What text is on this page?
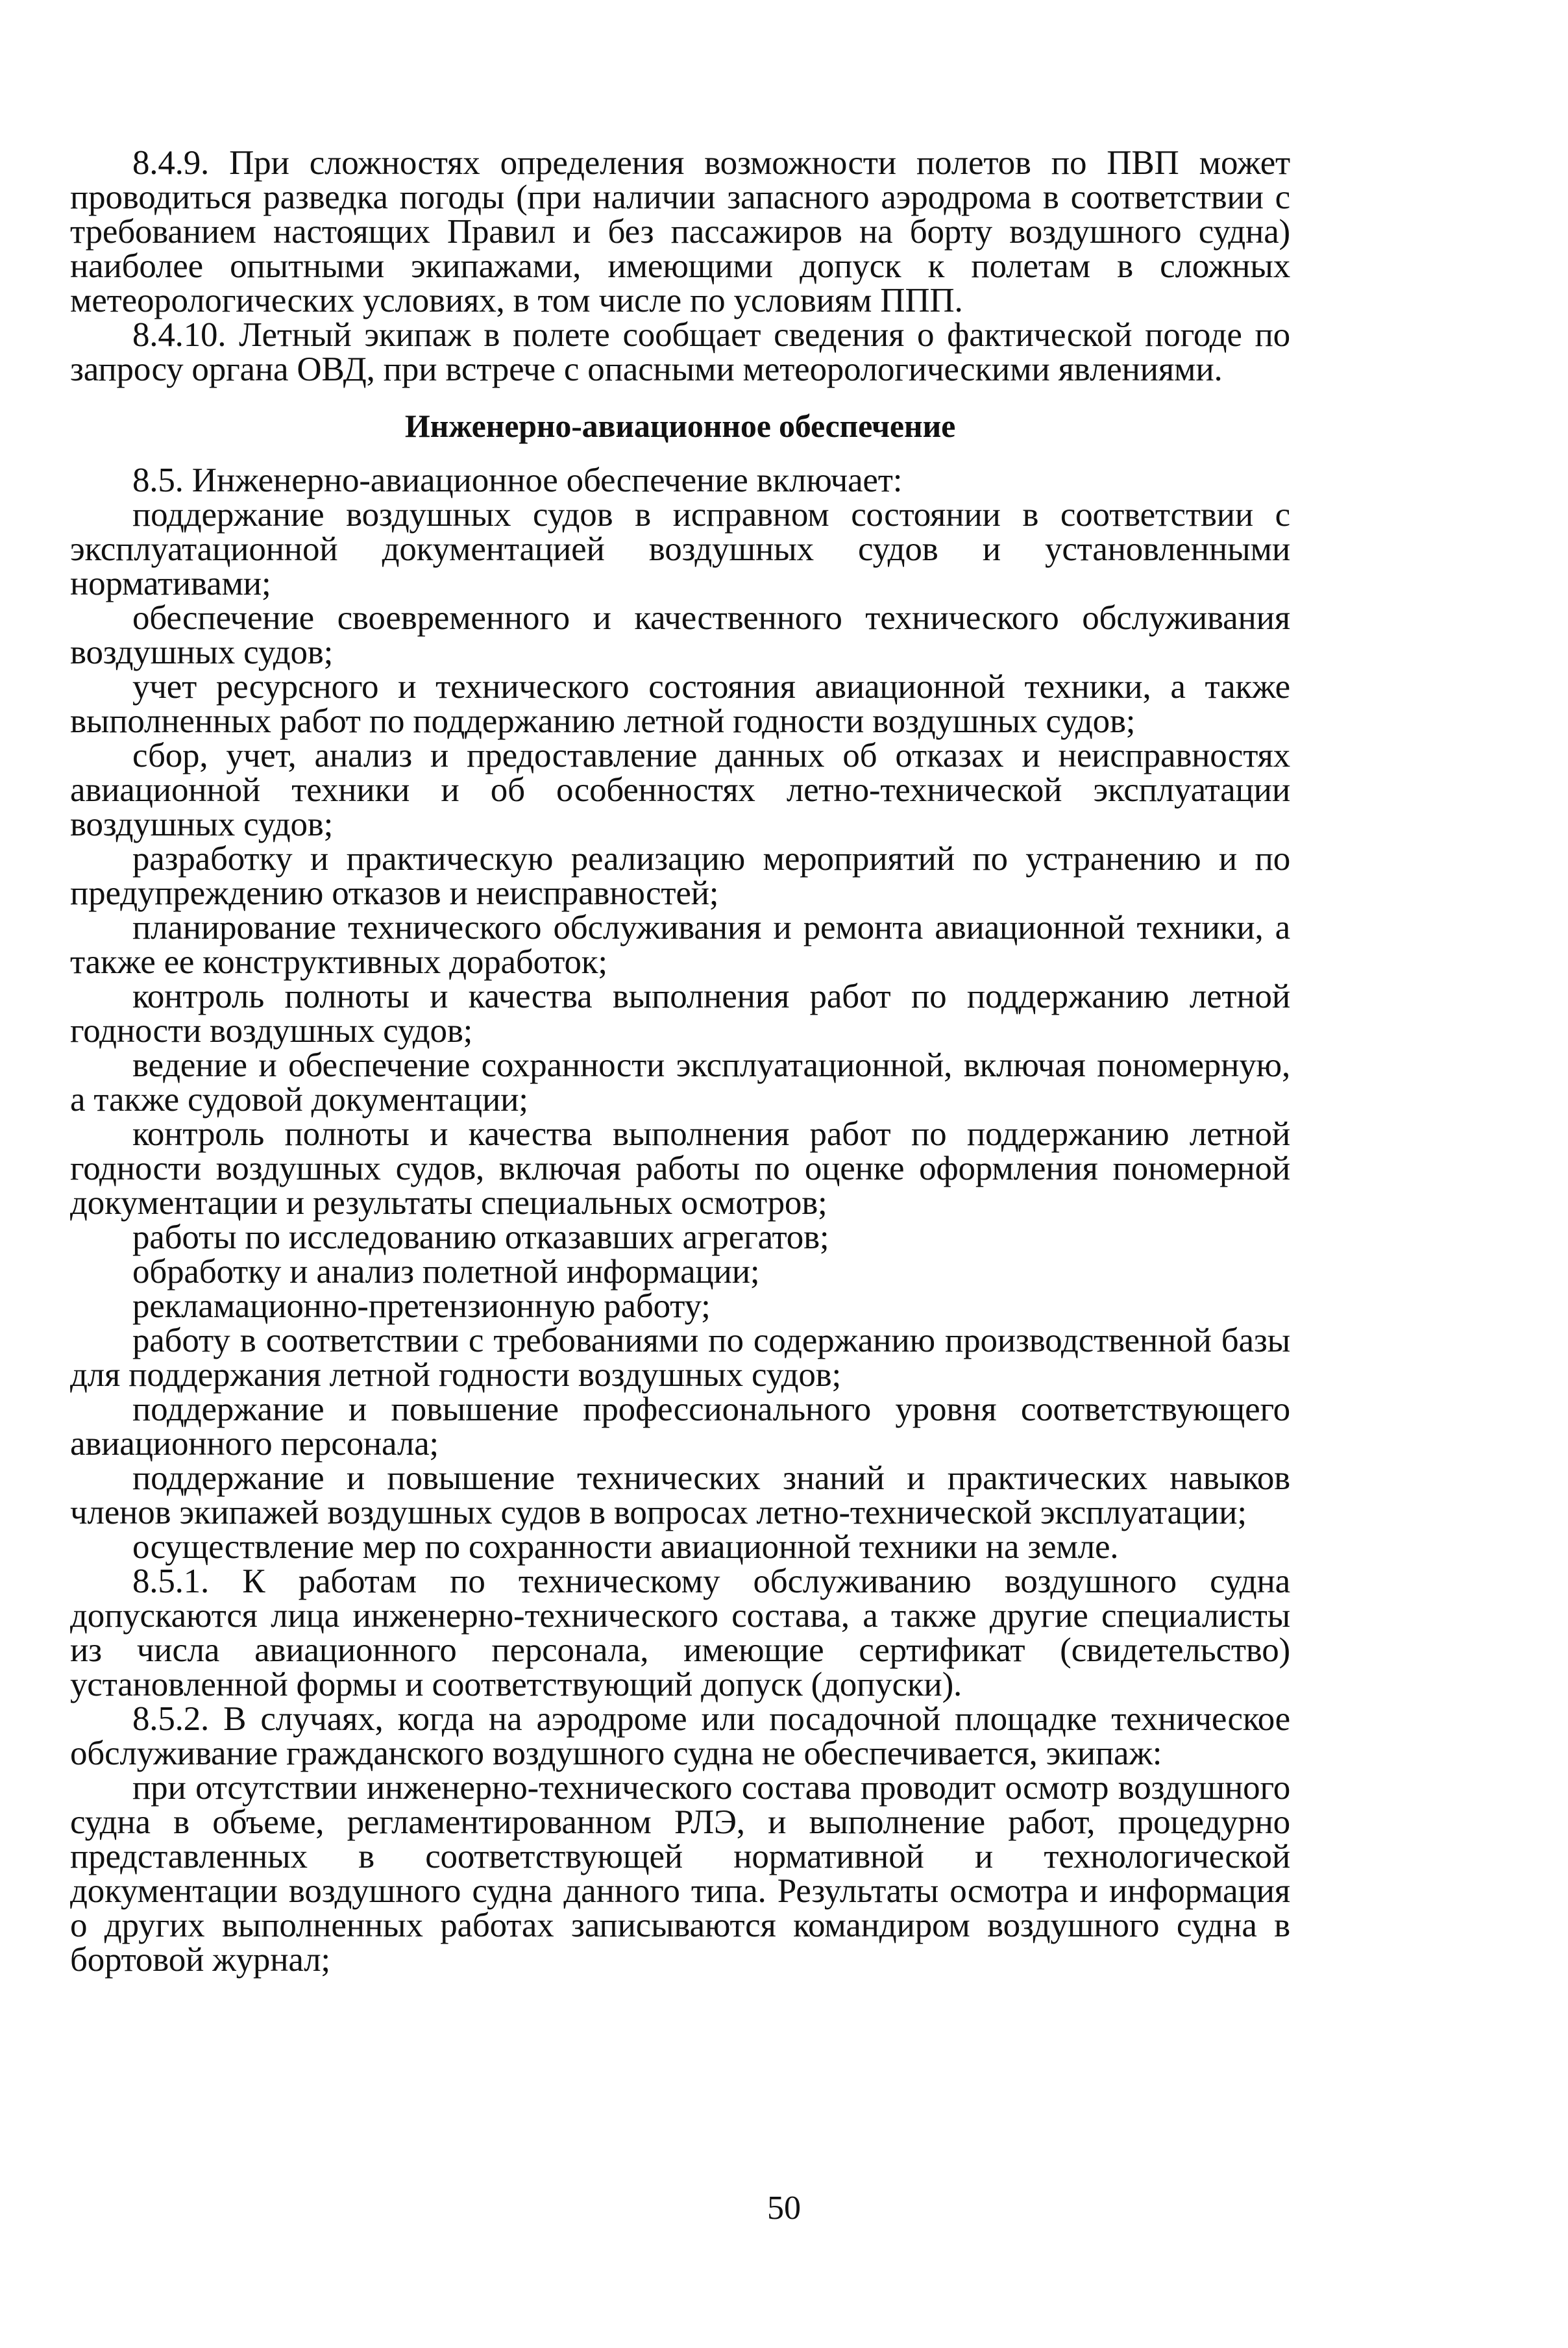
8.4.9. При сложностях определения возможности полетов по ПВП может проводиться разведка погоды (при наличии запасного аэродрома в соответствии с требованием настоящих Правил и без пассажиров на борту воздушного судна) наиболее опытными экипажами, имеющими допуск к полетам в сложных метеорологических условиях, в том числе по условиям ППП.

8.4.10. Летный экипаж в полете сообщает сведения о фактической погоде по запросу органа ОВД, при встрече с опасными метеорологическими явлениями.

Инженерно-авиационное обеспечение

8.5. Инженерно-авиационное обеспечение включает:

поддержание воздушных судов в исправном состоянии в соответствии с эксплуатационной документацией воздушных судов и установленными нормативами;

обеспечение своевременного и качественного технического обслуживания воздушных судов;

учет ресурсного и технического состояния авиационной техники, а также выполненных работ по поддержанию летной годности воздушных судов;

сбор, учет, анализ и предоставление данных об отказах и неисправностях авиационной техники и об особенностях летно-технической эксплуатации воздушных судов;

разработку и практическую реализацию мероприятий по устранению и по предупреждению отказов и неисправностей;

планирование технического обслуживания и ремонта авиационной техники, а также ее конструктивных доработок;

контроль полноты и качества выполнения работ по поддержанию летной годности воздушных судов;

ведение и обеспечение сохранности эксплуатационной, включая пономерную, а также судовой документации;

контроль полноты и качества выполнения работ по поддержанию летной годности воздушных судов, включая работы по оценке оформления пономерной документации и результаты специальных осмотров;

работы по исследованию отказавших агрегатов;

обработку и анализ полетной информации;

рекламационно-претензионную работу;

работу в соответствии с требованиями по содержанию производственной базы для поддержания летной годности воздушных судов;

поддержание и повышение профессионального уровня соответствующего авиационного персонала;

поддержание и повышение технических знаний и практических навыков членов экипажей воздушных судов в вопросах летно-технической эксплуатации;

осуществление мер по сохранности авиационной техники на земле.

8.5.1. К работам по техническому обслуживанию воздушного судна допускаются лица инженерно-технического состава, а также другие специалисты из числа авиационного персонала, имеющие сертификат (свидетельство) установленной формы и соответствующий допуск (допуски).

8.5.2. В случаях, когда на аэродроме или посадочной площадке техническое обслуживание гражданского воздушного судна не обеспечивается, экипаж:

при отсутствии инженерно-технического состава проводит осмотр воздушного судна в объеме, регламентированном РЛЭ, и выполнение работ, процедурно представленных в соответствующей нормативной и технологической документации воздушного судна данного типа. Результаты осмотра и информация о других выполненных работах записываются командиром воздушного судна в бортовой журнал;

50
